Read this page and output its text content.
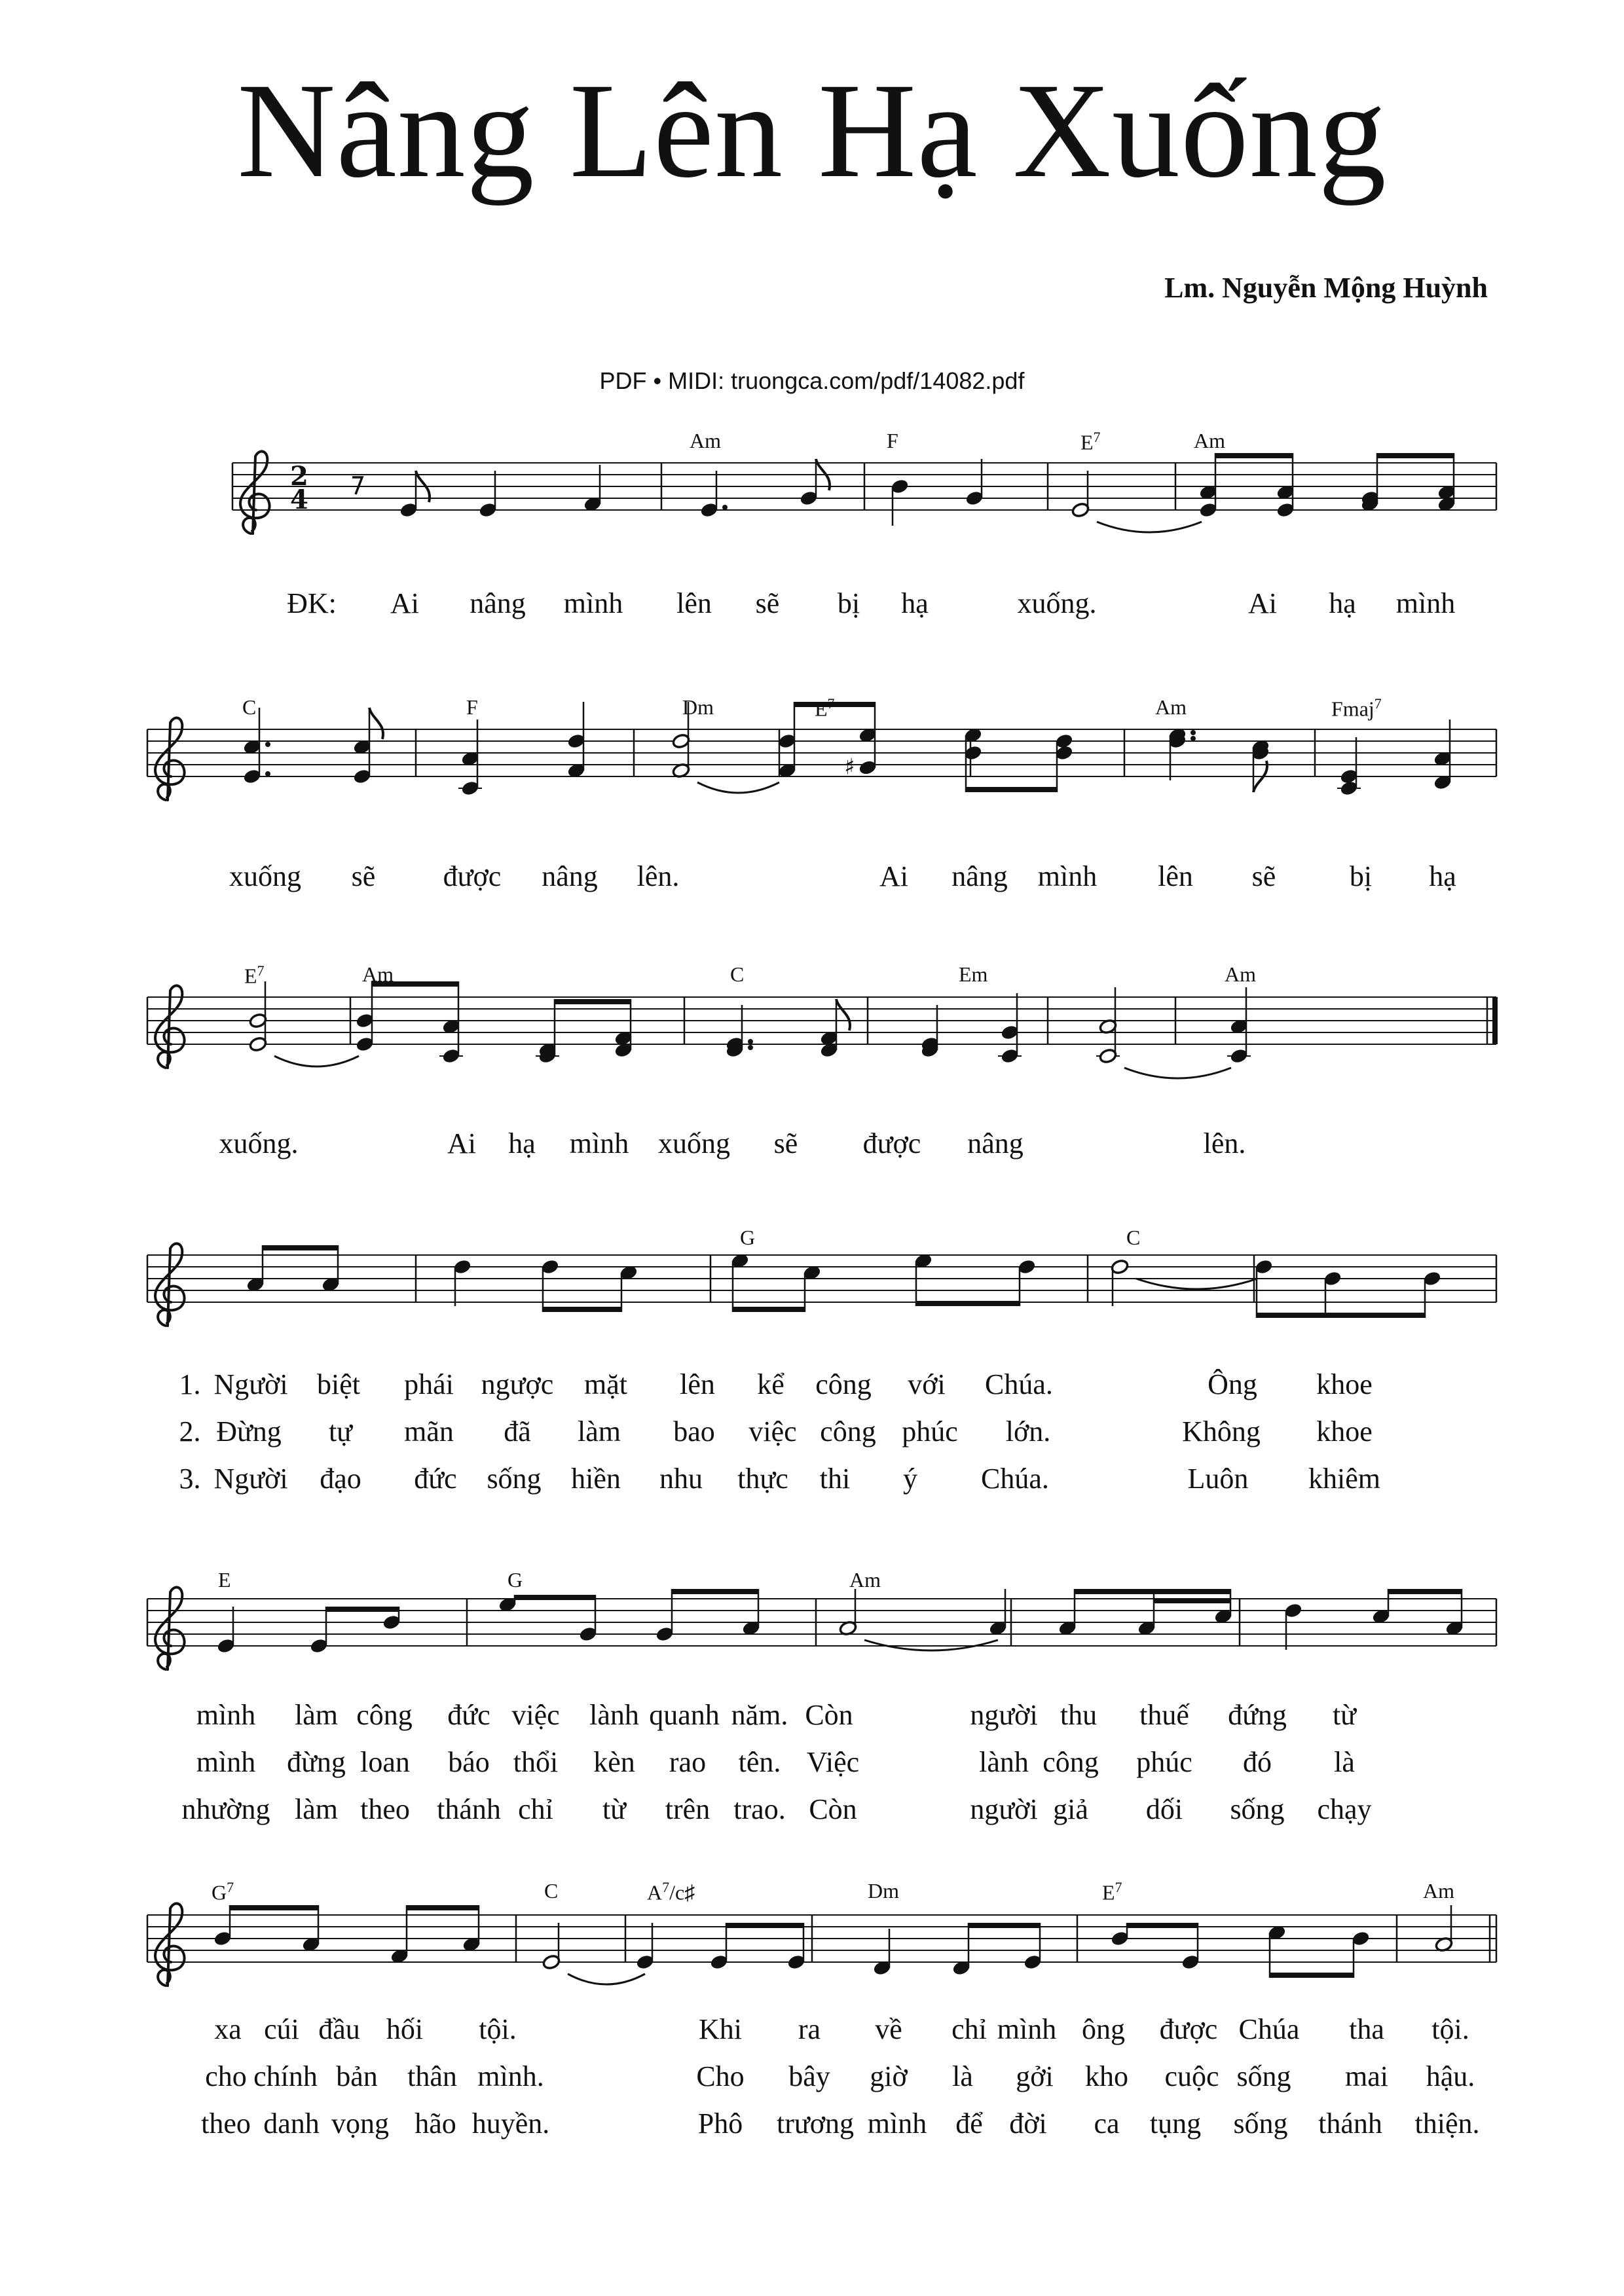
Nâng Lên Hạ Xuống
Lm. Nguyễn Mộng Huỳnh
PDF • MIDI: truongca.com/pdf/14082.pdf
2
4
♯
Am	F	$E^7$	Am
ĐK: Ai nâng mình lên sẽ bị hạ	xuống.	Ai hạ mình
C	F	Dm	$E^7$	Am	Fmaj$^7$
xuống sẽ được nâng lên.	Ai nâng mình lên sẽ	bị hạ
$E^7$	Am	C	Em	Am
xuống.	Ai hạ mình xuống sẽ được nâng	lên.
G	C
1. Người biệt phái ngược mặt lên kể công với Chúa.	Ông khoe
2. Đừng tự mãn đã làm bao việc công phúc lớn.	Không khoe
3. Người đạo đức sống hiền nhu thực thi ý Chúa.	Luôn khiêm
E	G	Am
mình làm công đức việc lành quanh năm. Còn	người thu thuế đứng từ
mình đừng loan báo thổi kèn rao tên. Việc	lành công phúc đó là
nhường làm theo thánh chỉ từ trên trao. Còn	người giả dối sống chạy
$G^7$	C	$A^7/c♯$	Dm	$E^7$	Am
xa cúi đầu hối tội.	Khi ra về chỉ mình ông được Chúa tha tội.
cho chính bản thân mình.	Cho bây giờ là gởi kho cuộc sống mai hậu.
theo danh vọng hão huyền.	Phô trương mình để đời ca tụng sống thánh thiện.
